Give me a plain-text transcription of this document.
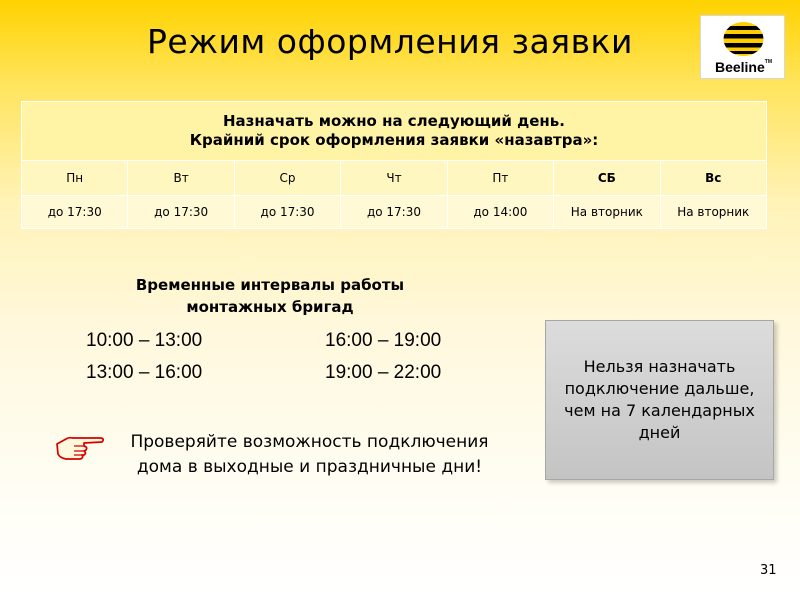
Режим оформления заявки
Beeline™
Назначать можно на следующий день.
Крайний срок оформления заявки «назавтра»:						

Пн	Вт	Ср	Чт	Пт	СБ	Вс
до 17:30	до 17:30	до 17:30	до 17:30	до 14:00	На вторник	На вторник
Временные интервалы работы
монтажных бригад
10:00 – 13:00	16:00 – 19:00
13:00 – 16:00	19:00 – 22:00
Проверяйте возможность подключения
дома в выходные и праздничные дни!
Нельзя назначать подключение дальше, чем на 7 календарных дней
31
